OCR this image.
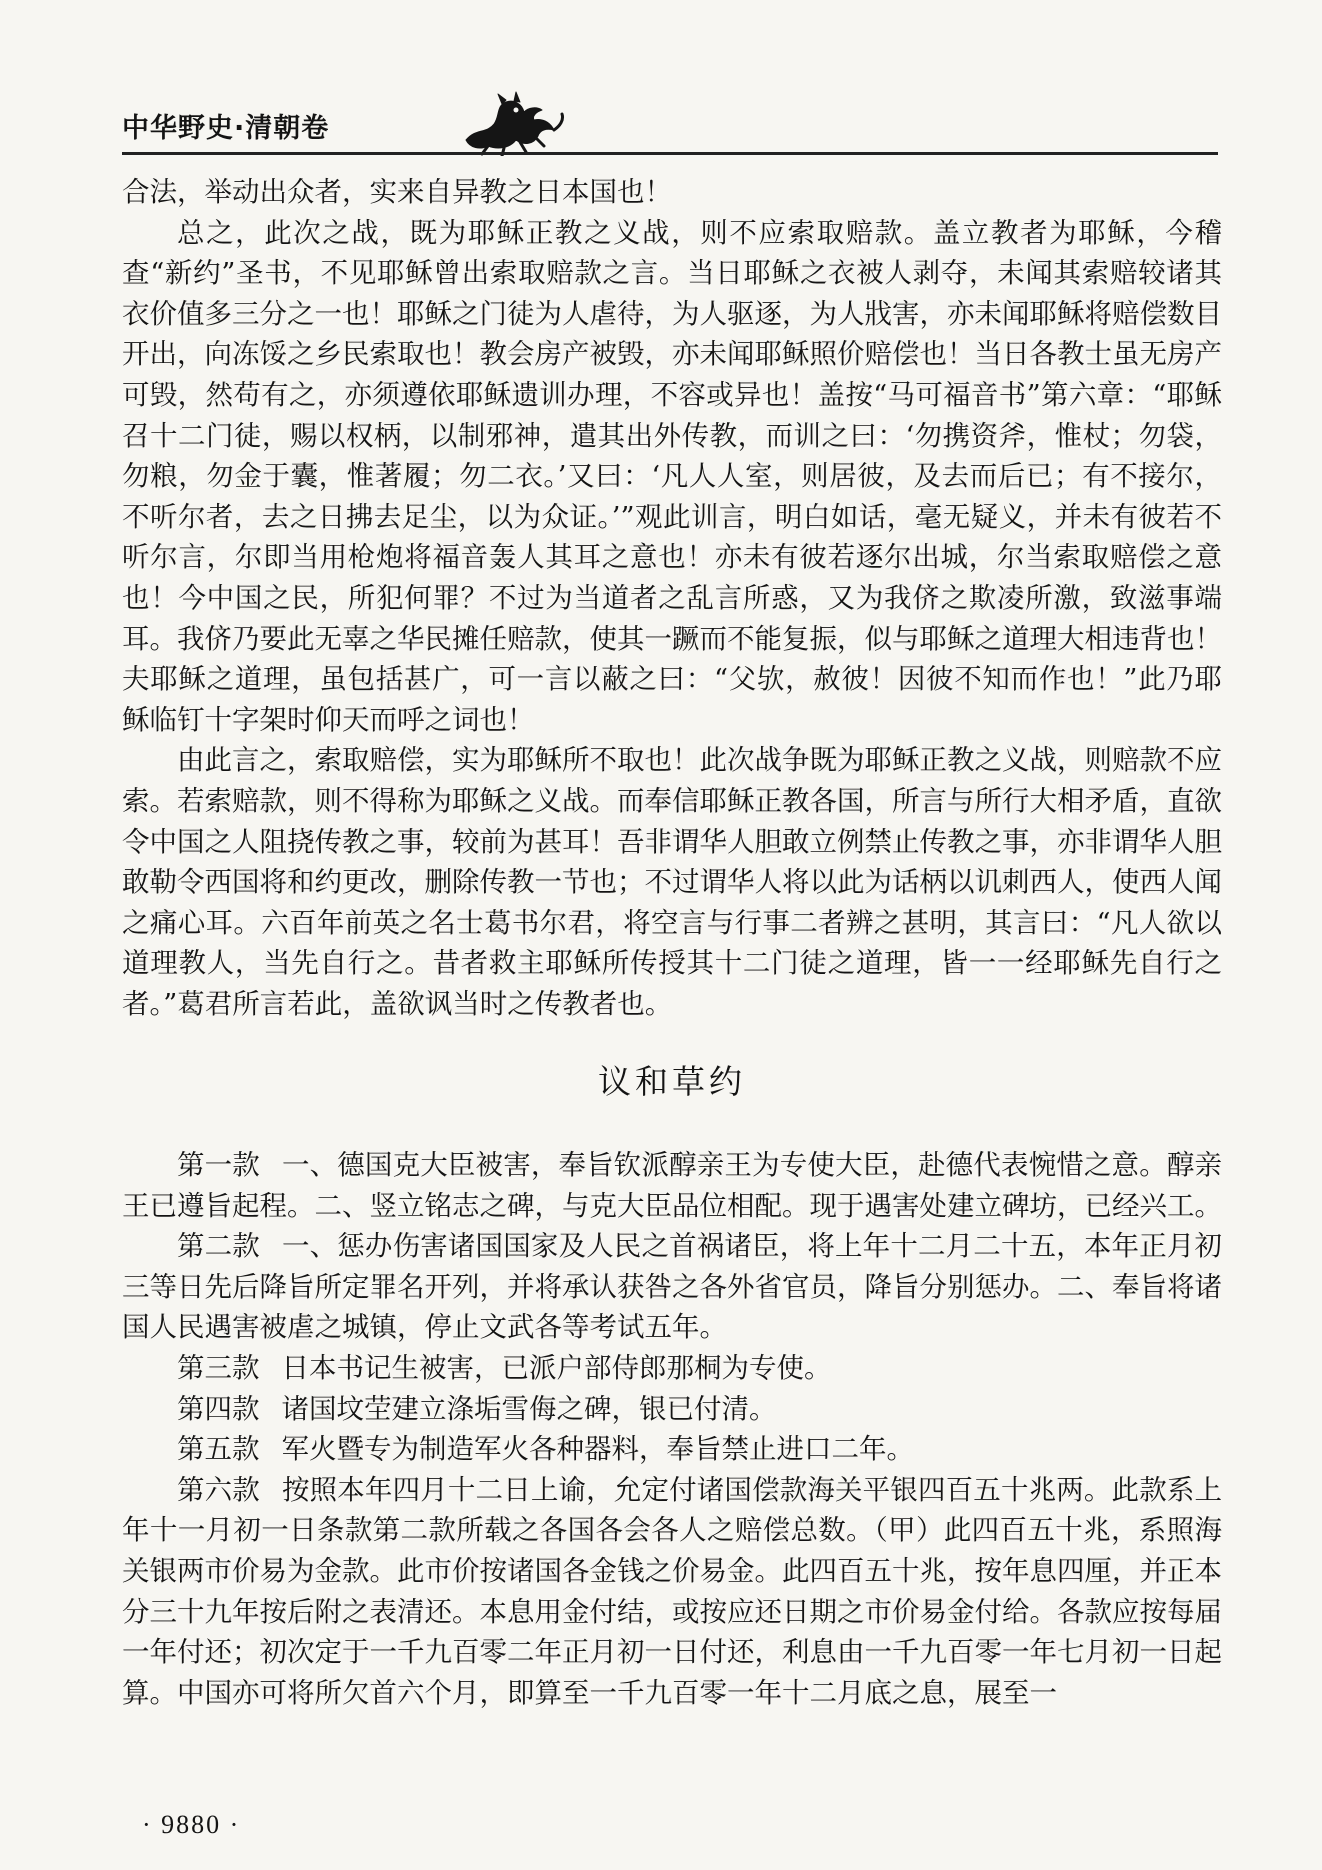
中华野史·清朝卷

合法，举动出众者，实来自异教之日本国也！

总之，此次之战，既为耶稣正教之义战，则不应索取赔款。盖立教者为耶稣，今稽查“新约”圣书，不见耶稣曾出索取赔款之言。当日耶稣之衣被人剥夺，未闻其索赔较诸其衣价值多三分之一也！耶稣之门徒为人虐待，为人驱逐，为人戕害，亦未闻耶稣将赔偿数目开出，向冻馁之乡民索取也！教会房产被毁，亦未闻耶稣照价赔偿也！当日各教士虽无房产可毁，然苟有之，亦须遵依耶稣遗训办理，不容或异也！盖按“马可福音书”第六章：“耶稣召十二门徒，赐以权柄，以制邪神，遣其出外传教，而训之曰：‘勿携资斧，惟杖；勿袋，勿粮，勿金于囊，惟著履；勿二衣。’又曰：‘凡人人室，则居彼，及去而后已；有不接尔，不听尔者，去之日拂去足尘，以为众证。’”观此训言，明白如话，毫无疑义，并未有彼若不听尔言，尔即当用枪炮将福音轰人其耳之意也！亦未有彼若逐尔出城，尔当索取赔偿之意也！今中国之民，所犯何罪？不过为当道者之乱言所惑，又为我侪之欺凌所激，致滋事端耳。我侪乃要此无辜之华民摊任赔款，使其一蹶而不能复振，似与耶稣之道理大相违背也！夫耶稣之道理，虽包括甚广，可一言以蔽之曰：“父欤，赦彼！因彼不知而作也！”此乃耶稣临钉十字架时仰天而呼之词也！

由此言之，索取赔偿，实为耶稣所不取也！此次战争既为耶稣正教之义战，则赔款不应索。若索赔款，则不得称为耶稣之义战。而奉信耶稣正教各国，所言与所行大相矛盾，直欲令中国之人阻挠传教之事，较前为甚耳！吾非谓华人胆敢立例禁止传教之事，亦非谓华人胆敢勒令西国将和约更改，删除传教一节也；不过谓华人将以此为话柄以讥刺西人，使西人闻之痛心耳。六百年前英之名士葛书尔君，将空言与行事二者辨之甚明，其言曰：“凡人欲以道理教人，当先自行之。昔者救主耶稣所传授其十二门徒之道理，皆一一经耶稣先自行之者。”葛君所言若此，盖欲讽当时之传教者也。

议和草约

第一款 一、德国克大臣被害，奉旨钦派醇亲王为专使大臣，赴德代表惋惜之意。醇亲王已遵旨起程。二、竖立铭志之碑，与克大臣品位相配。现于遇害处建立碑坊，已经兴工。

第二款 一、惩办伤害诸国国家及人民之首祸诸臣，将上年十二月二十五，本年正月初三等日先后降旨所定罪名开列，并将承认获咎之各外省官员，降旨分别惩办。二、奉旨将诸国人民遇害被虐之城镇，停止文武各等考试五年。

第三款 日本书记生被害，已派户部侍郎那桐为专使。

第四款 诸国坟茔建立涤垢雪侮之碑，银已付清。

第五款 军火暨专为制造军火各种器料，奉旨禁止进口二年。

第六款 按照本年四月十二日上谕，允定付诸国偿款海关平银四百五十兆两。此款系上年十一月初一日条款第二款所载之各国各会各人之赔偿总数。（甲）此四百五十兆，系照海关银两市价易为金款。此市价按诸国各金钱之价易金。此四百五十兆，按年息四厘，并正本分三十九年按后附之表清还。本息用金付结，或按应还日期之市价易金付给。各款应按每届一年付还；初次定于一千九百零二年正月初一日付还，利息由一千九百零一年七月初一日起算。中国亦可将所欠首六个月，即算至一千九百零一年十二月底之息，展至一

· 9880 ·
